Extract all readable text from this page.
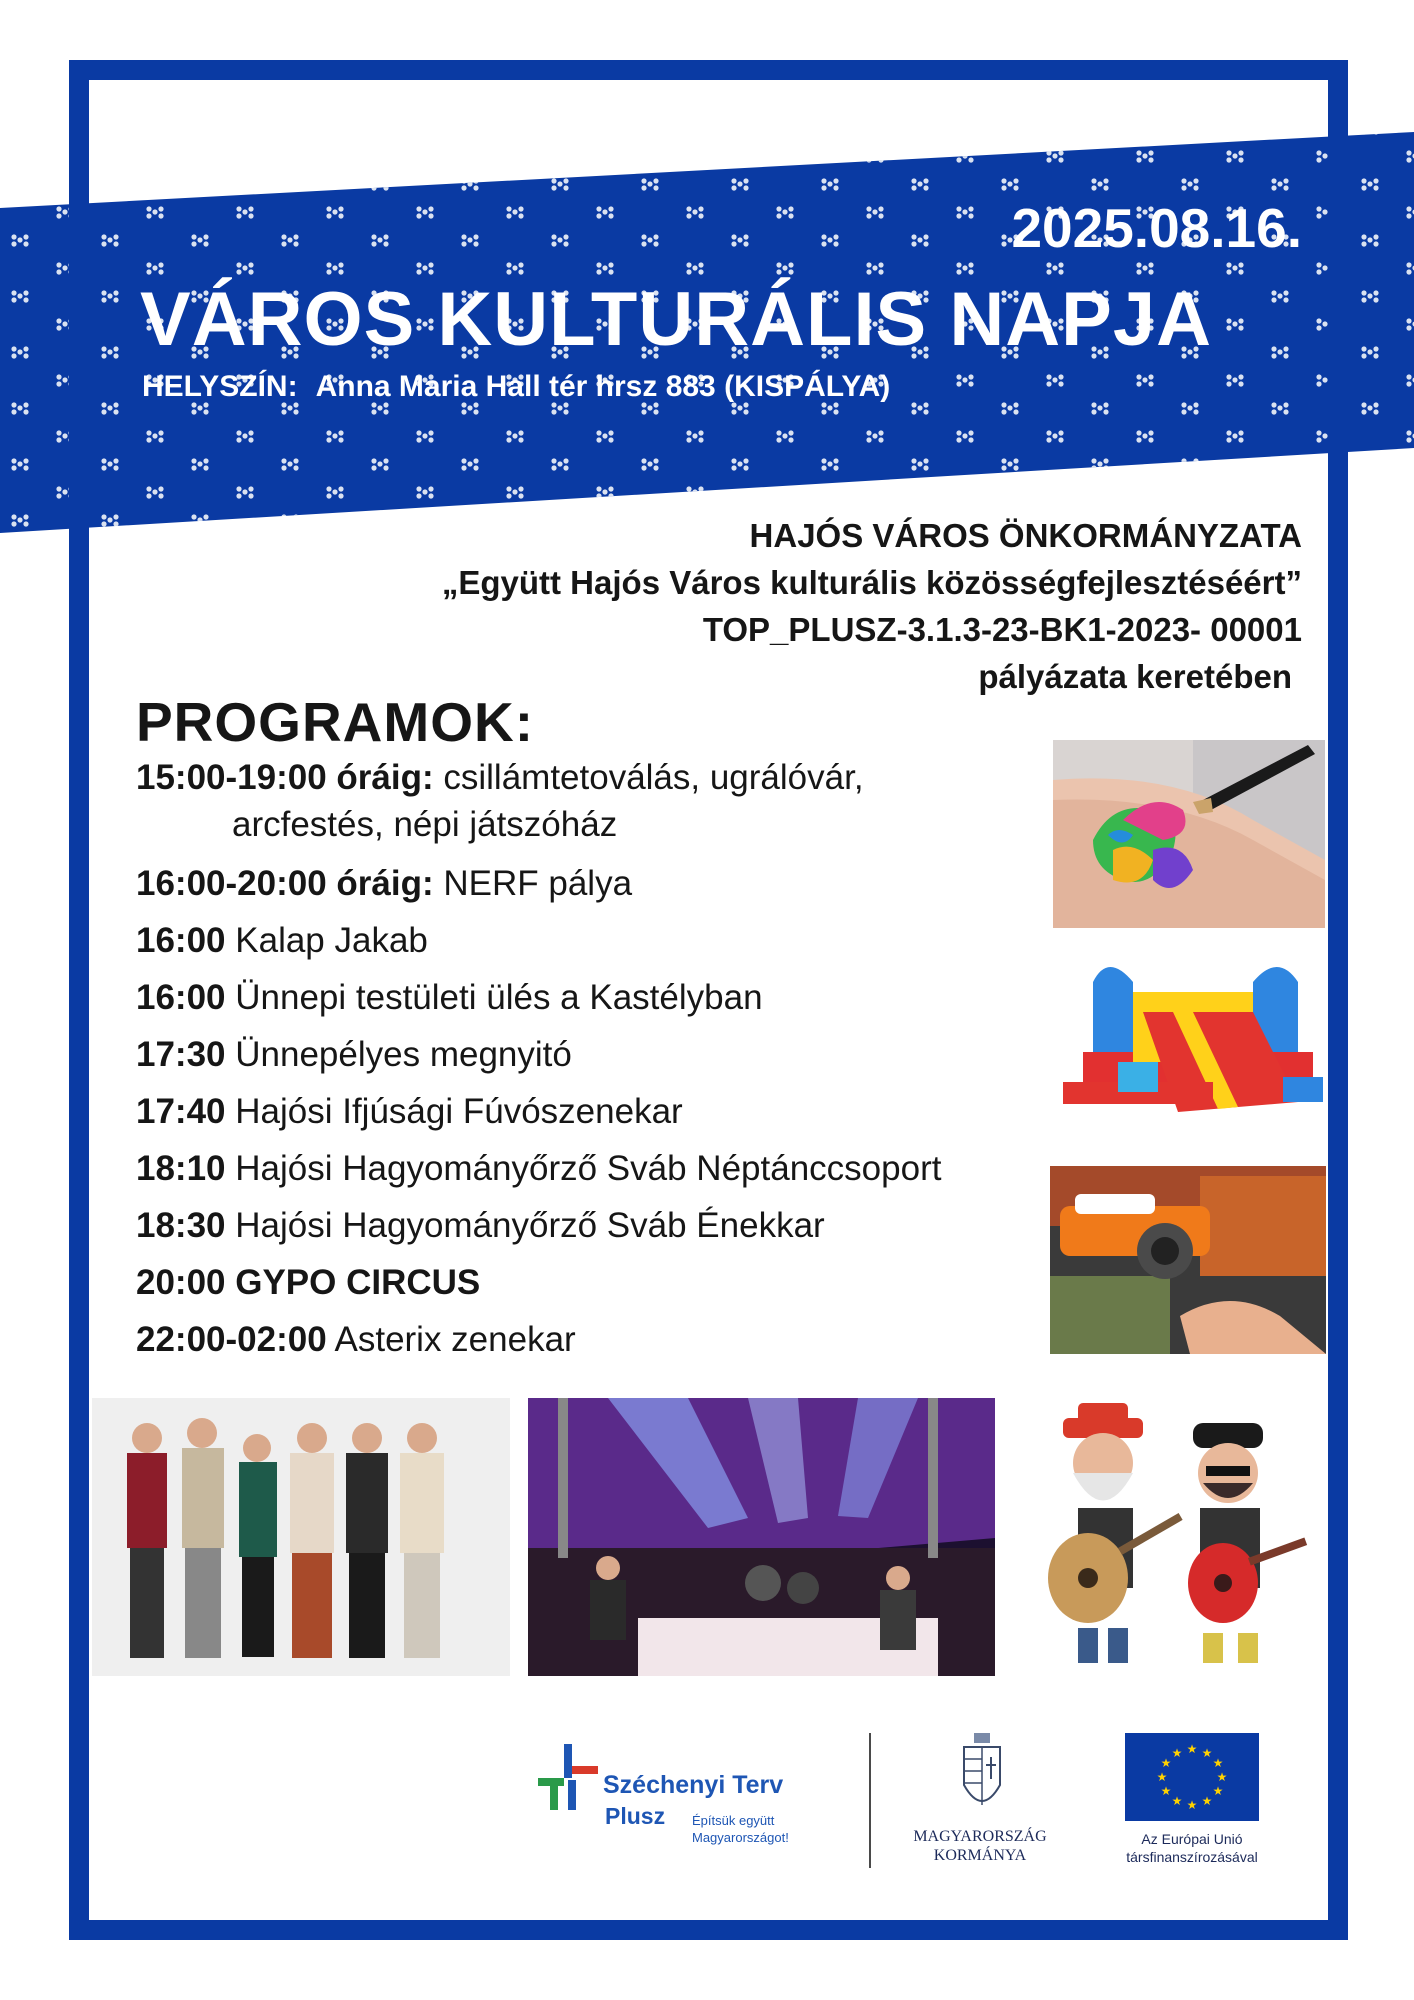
2025.08.16.
VÁROS KULTURÁLIS NAPJA
HELYSZÍN: Anna Maria Hall tér hrsz 883 (KISPÁLYA)
HAJÓS VÁROS ÖNKORMÁNYZATA
„Együtt Hajós Város kulturális közösségfejlesztéséért”
TOP_PLUSZ-3.1.3-23-BK1-2023- 00001
pályázata keretében
PROGRAMOK:
15:00-19:00 óráig: csillámtetoválás, ugrálóvár,
arcfestés, népi játszóház
16:00-20:00 óráig: NERF pálya
16:00 Kalap Jakab
16:00 Ünnepi testületi ülés a Kastélyban
17:30 Ünnepélyes megnyitó
17:40 Hajósi Ifjúsági Fúvószenekar
18:10 Hajósi Hagyományőrző Sváb Néptánccsoport
18:30 Hajósi Hagyományőrző Sváb Énekkar
20:00 GYPO CIRCUS
22:00-02:00 Asterix zenekar
Széchenyi Terv
Plusz Építsük együtt
Magyarországot!	MAGYARORSZÁG
KORMÁNYA
★ ★
★
★
★
★
★
★
★
★
★
★
Az Európai Unió
társfinanszírozásával
